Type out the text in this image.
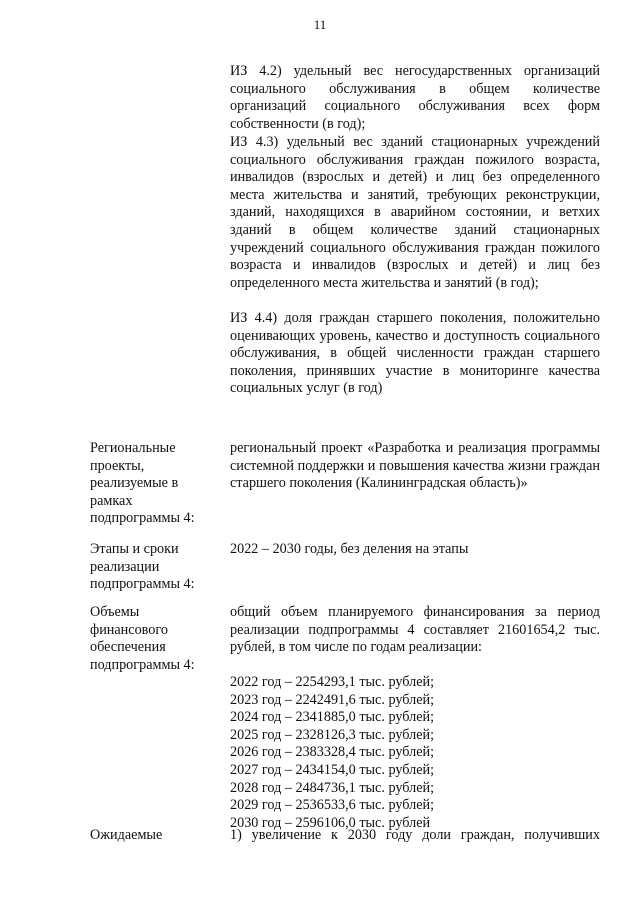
11
ИЗ 4.2) удельный вес негосударственных организаций социального обслуживания в общем количестве организаций социального обслуживания всех форм собственности (в год);
ИЗ 4.3) удельный вес зданий стационарных учреждений социального обслуживания граждан пожилого возраста, инвалидов (взрослых и детей) и лиц без определенного места жительства и занятий, требующих реконструкции, зданий, находящихся в аварийном состоянии, и ветхих зданий в общем количестве зданий стационарных учреждений социального обслуживания граждан пожилого возраста и инвалидов (взрослых и детей) и лиц без определенного места жительства и занятий (в год);
ИЗ 4.4) доля граждан старшего поколения, положительно оценивающих уровень, качество и доступность социального обслуживания, в общей численности граждан старшего поколения, принявших участие в мониторинге качества социальных услуг (в год)
Региональные проекты, реализуемые в рамках подпрограммы 4:
региональный проект «Разработка и реализация программы системной поддержки и повышения качества жизни граждан старшего поколения (Калининградская область)»
Этапы и сроки реализации подпрограммы 4:
2022 – 2030 годы, без деления на этапы
Объемы финансового обеспечения подпрограммы 4:
общий объем планируемого финансирования за период реализации подпрограммы 4 составляет 21601654,2 тыс. рублей, в том числе по годам реализации:
2022 год – 2254293,1 тыс. рублей;
2023 год – 2242491,6 тыс. рублей;
2024 год – 2341885,0 тыс. рублей;
2025 год – 2328126,3 тыс. рублей;
2026 год – 2383328,4 тыс. рублей;
2027 год – 2434154,0 тыс. рублей;
2028 год – 2484736,1 тыс. рублей;
2029 год – 2536533,6 тыс. рублей;
2030 год – 2596106,0 тыс. рублей
Ожидаемые	1) увеличение к 2030 году доли граждан, получивших
